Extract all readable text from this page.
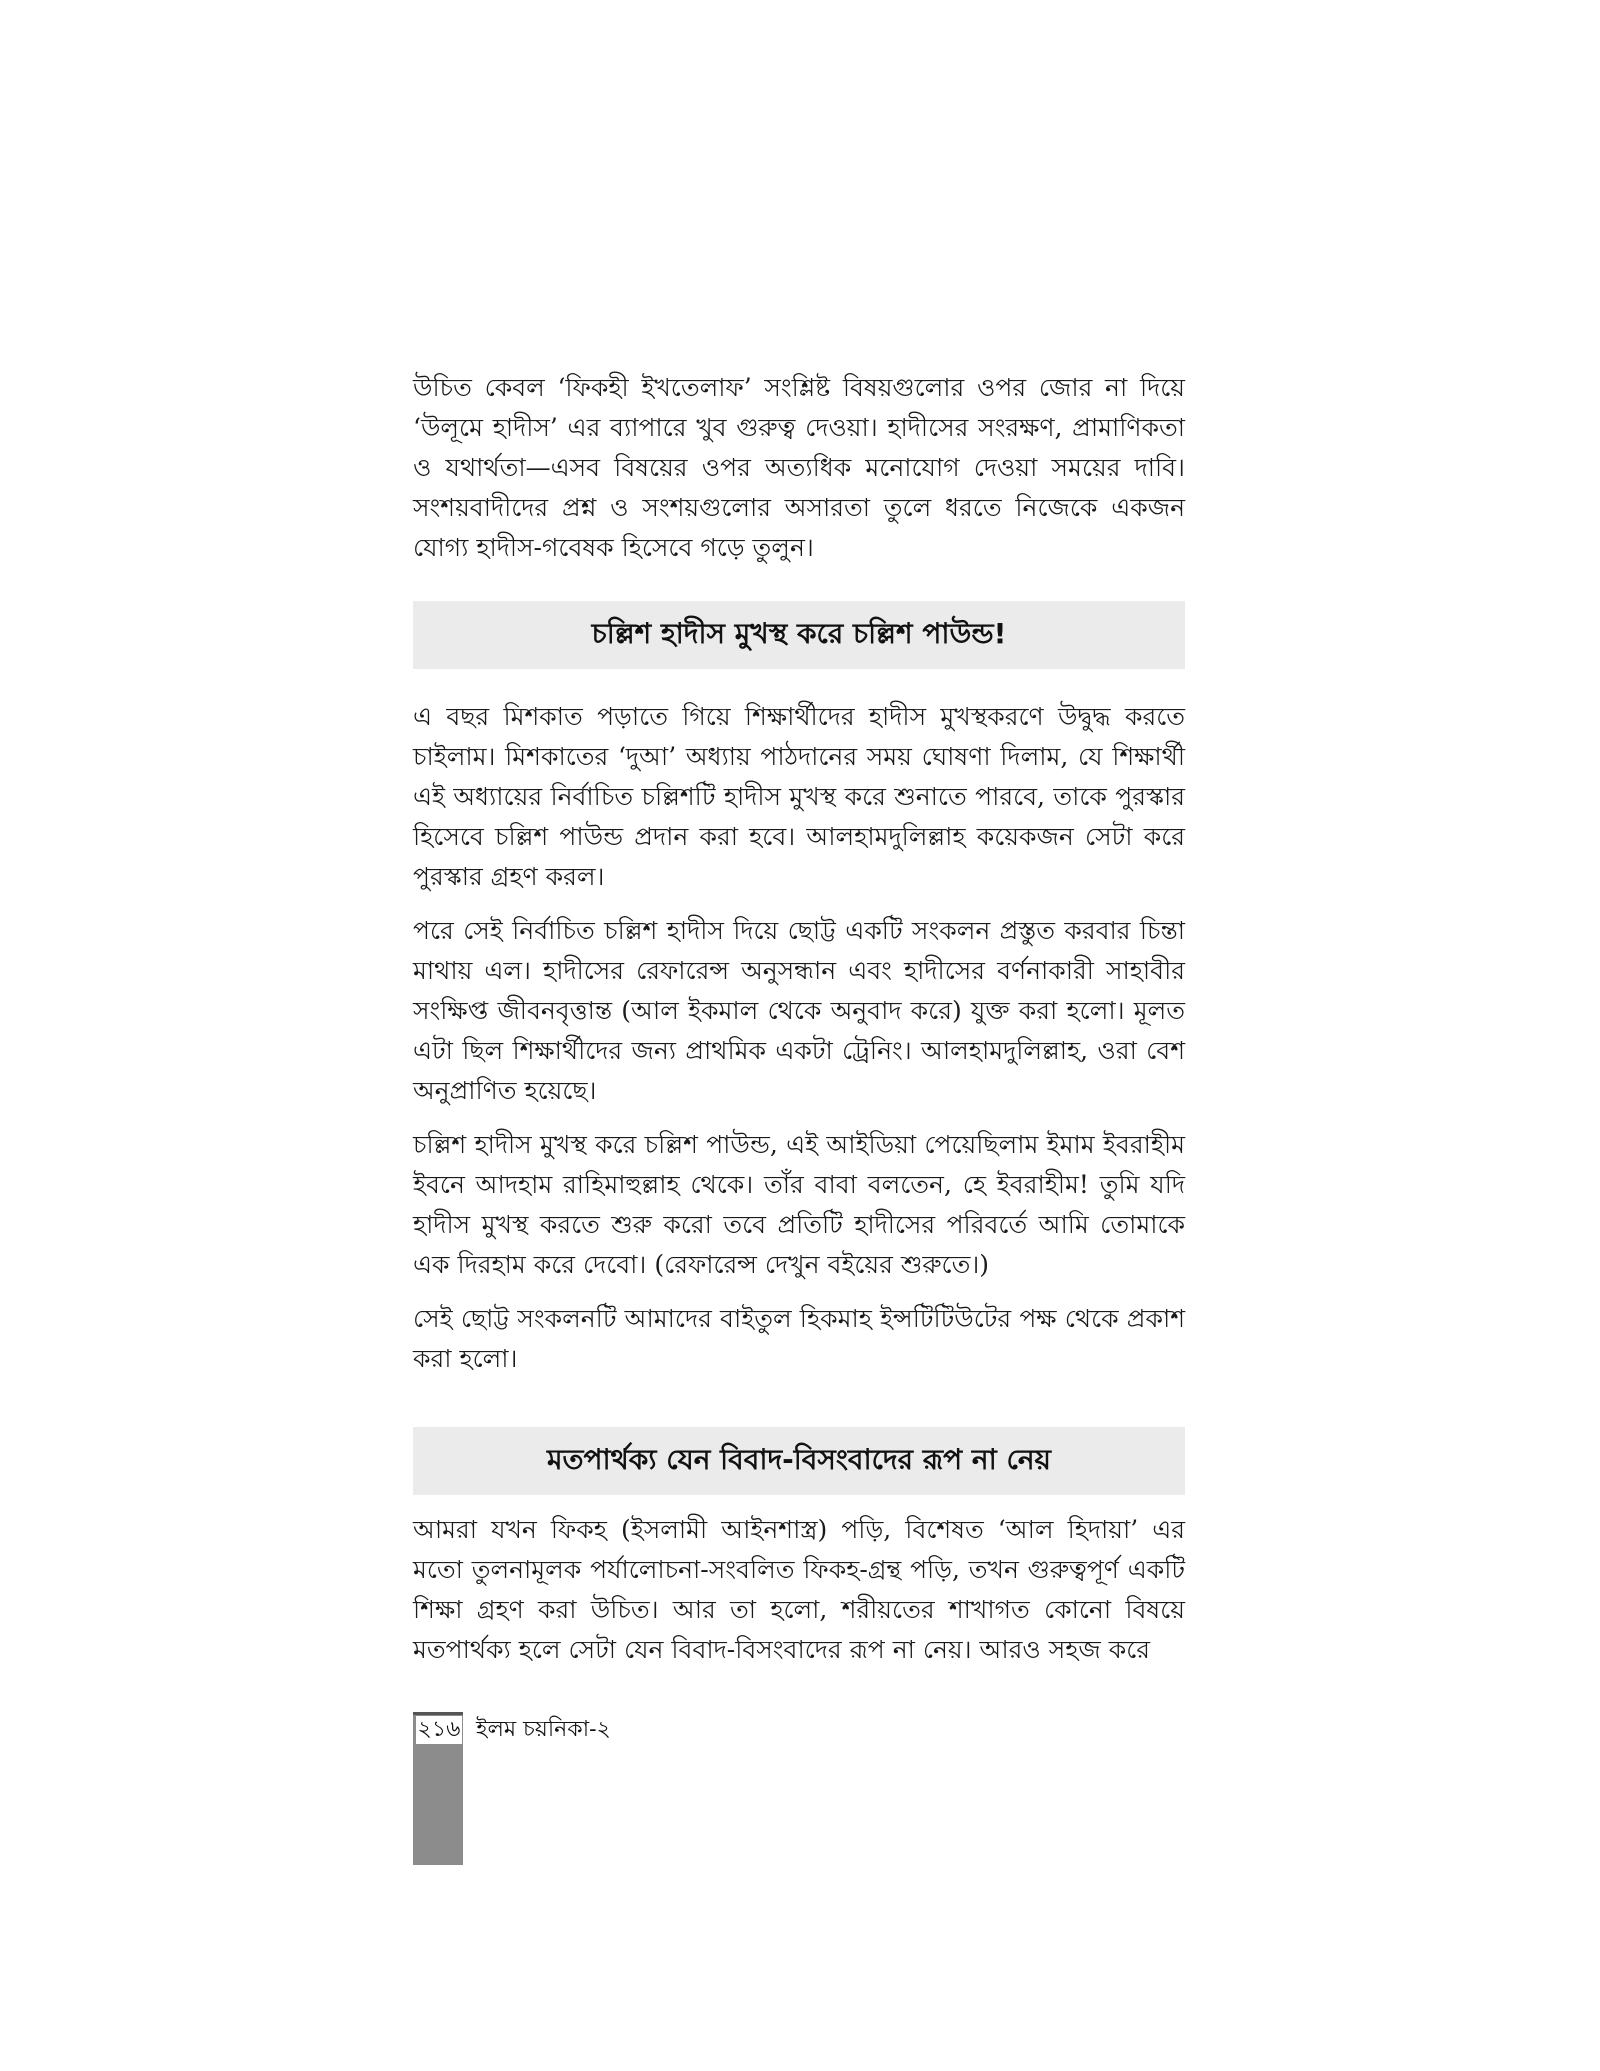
উচিত কেবল ‘ফিকহী ইখতেলাফ’ সংশ্লিষ্ট বিষয়গুলোর ওপর জোর না দিয়ে ‘উলূমে হাদীস’ এর ব্যাপারে খুব গুরুত্ব দেওয়া। হাদীসের সংরক্ষণ, প্রামাণিকতা ও যথার্থতা—এসব বিষয়ের ওপর অত্যধিক মনোযোগ দেওয়া সময়ের দাবি। সংশয়বাদীদের প্রশ্ন ও সংশয়গুলোর অসারতা তুলে ধরতে নিজেকে একজন যোগ্য হাদীস-গবেষক হিসেবে গড়ে তুলুন।

চল্লিশ হাদীস মুখস্থ করে চল্লিশ পাউন্ড!

এ বছর মিশকাত পড়াতে গিয়ে শিক্ষার্থীদের হাদীস মুখস্থকরণে উদ্বুদ্ধ করতে চাইলাম। মিশকাতের ‘দুআ’ অধ্যায় পাঠদানের সময় ঘোষণা দিলাম, যে শিক্ষার্থী এই অধ্যায়ের নির্বাচিত চল্লিশটি হাদীস মুখস্থ করে শুনাতে পারবে, তাকে পুরস্কার হিসেবে চল্লিশ পাউন্ড প্রদান করা হবে। আলহামদুলিল্লাহ কয়েকজন সেটা করে পুরস্কার গ্রহণ করল।

পরে সেই নির্বাচিত চল্লিশ হাদীস দিয়ে ছোট্ট একটি সংকলন প্রস্তুত করবার চিন্তা মাথায় এল। হাদীসের রেফারেন্স অনুসন্ধান এবং হাদীসের বর্ণনাকারী সাহাবীর সংক্ষিপ্ত জীবনবৃত্তান্ত (আল ইকমাল থেকে অনুবাদ করে) যুক্ত করা হলো। মূলত এটা ছিল শিক্ষার্থীদের জন্য প্রাথমিক একটা ট্রেনিং। আলহামদুলিল্লাহ, ওরা বেশ অনুপ্রাণিত হয়েছে।

চল্লিশ হাদীস মুখস্থ করে চল্লিশ পাউন্ড, এই আইডিয়া পেয়েছিলাম ইমাম ইবরাহীম ইবনে আদহাম রাহিমাহুল্লাহ থেকে। তাঁর বাবা বলতেন, হে ইবরাহীম! তুমি যদি হাদীস মুখস্থ করতে শুরু করো তবে প্রতিটি হাদীসের পরিবর্তে আমি তোমাকে এক দিরহাম করে দেবো। (রেফারেন্স দেখুন বইয়ের শুরুতে।)

সেই ছোট্ট সংকলনটি আমাদের বাইতুল হিকমাহ ইন্সটিটিউটের পক্ষ থেকে প্রকাশ করা হলো।

মতপার্থক্য যেন বিবাদ-বিসংবাদের রূপ না নেয়

আমরা যখন ফিকহ (ইসলামী আইনশাস্ত্র) পড়ি, বিশেষত ‘আল হিদায়া’ এর মতো তুলনামূলক পর্যালোচনা-সংবলিত ফিকহ-গ্রন্থ পড়ি, তখন গুরুত্বপূর্ণ একটি শিক্ষা গ্রহণ করা উচিত। আর তা হলো, শরীয়তের শাখাগত কোনো বিষয়ে মতপার্থক্য হলে সেটা যেন বিবাদ-বিসংবাদের রূপ না নেয়। আরও সহজ করে

২১৬ ইলম চয়নিকা-২
